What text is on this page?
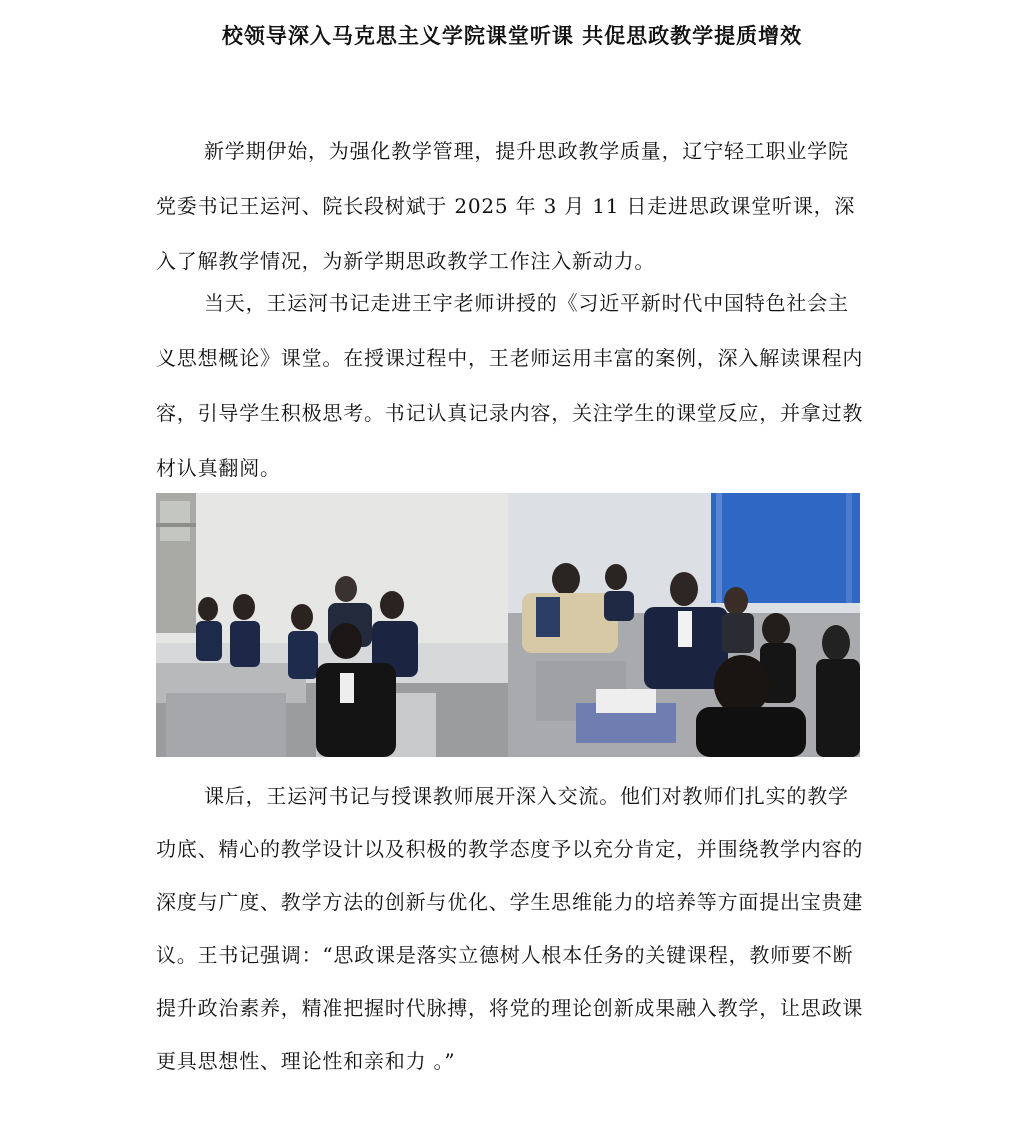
校领导深入马克思主义学院课堂听课 共促思政教学提质增效
新学期伊始，为强化教学管理，提升思政教学质量，辽宁轻工职业学院党委书记王运河、院长段树斌于 2025 年 3 月 11 日走进思政课堂听课，深入了解教学情况，为新学期思政教学工作注入新动力。
当天，王运河书记走进王宇老师讲授的《习近平新时代中国特色社会主义思想概论》课堂。在授课过程中，王老师运用丰富的案例，深入解读课程内容，引导学生积极思考。书记认真记录内容，关注学生的课堂反应，并拿过教材认真翻阅。
课后，王运河书记与授课教师展开深入交流。他们对教师们扎实的教学功底、精心的教学设计以及积极的教学态度予以充分肯定，并围绕教学内容的深度与广度、教学方法的创新与优化、学生思维能力的培养等方面提出宝贵建议。王书记强调：“思政课是落实立德树人根本任务的关键课程，教师要不断提升政治素养，精准把握时代脉搏，将党的理论创新成果融入教学，让思政课更具思想性、理论性和亲和力 。”
